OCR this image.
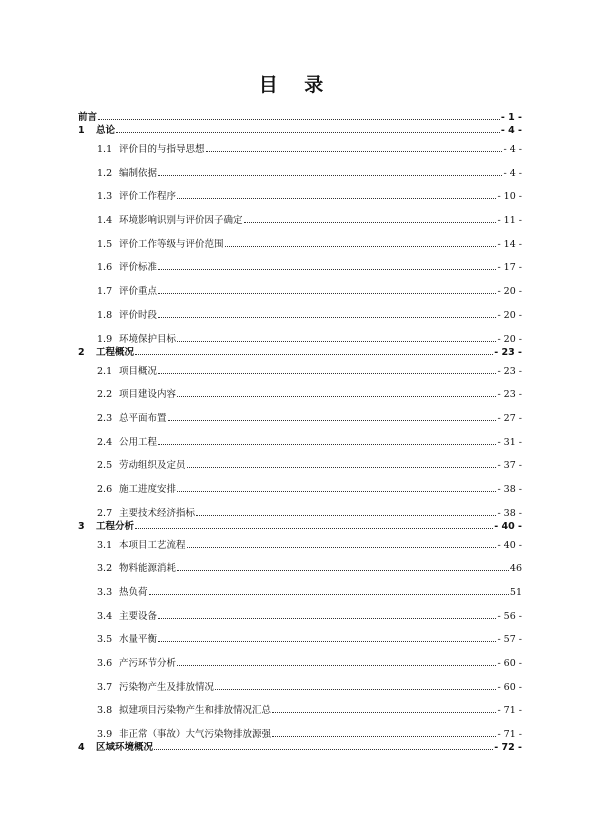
目 录
前言	- 1 -
1	总论	- 4 -
1.1 评价目的与指导思想	- 4 -
1.2 编制依据	- 4 -
1.3 评价工作程序	- 10 -
1.4 环境影响识别与评价因子确定	- 11 -
1.5 评价工作等级与评价范围	- 14 -
1.6 评价标准	- 17 -
1.7 评价重点	- 20 -
1.8 评价时段	- 20 -
1.9 环境保护目标	- 20 -
2	工程概况	- 23 -
2.1 项目概况	- 23 -
2.2 项目建设内容	- 23 -
2.3 总平面布置	- 27 -
2.4 公用工程	- 31 -
2.5 劳动组织及定员	- 37 -
2.6 施工进度安排	- 38 -
2.7 主要技术经济指标	- 38 -
3	工程分析	- 40 -
3.1 本项目工艺流程	- 40 -
3.2 物料能源消耗	46
3.3 热负荷	51
3.4 主要设备	- 56 -
3.5 水量平衡	- 57 -
3.6 产污环节分析	- 60 -
3.7 污染物产生及排放情况	- 60 -
3.8 拟建项目污染物产生和排放情况汇总	- 71 -
3.9 非正常（事故）大气污染物排放源强	- 71 -
4	区域环境概况	- 72 -
